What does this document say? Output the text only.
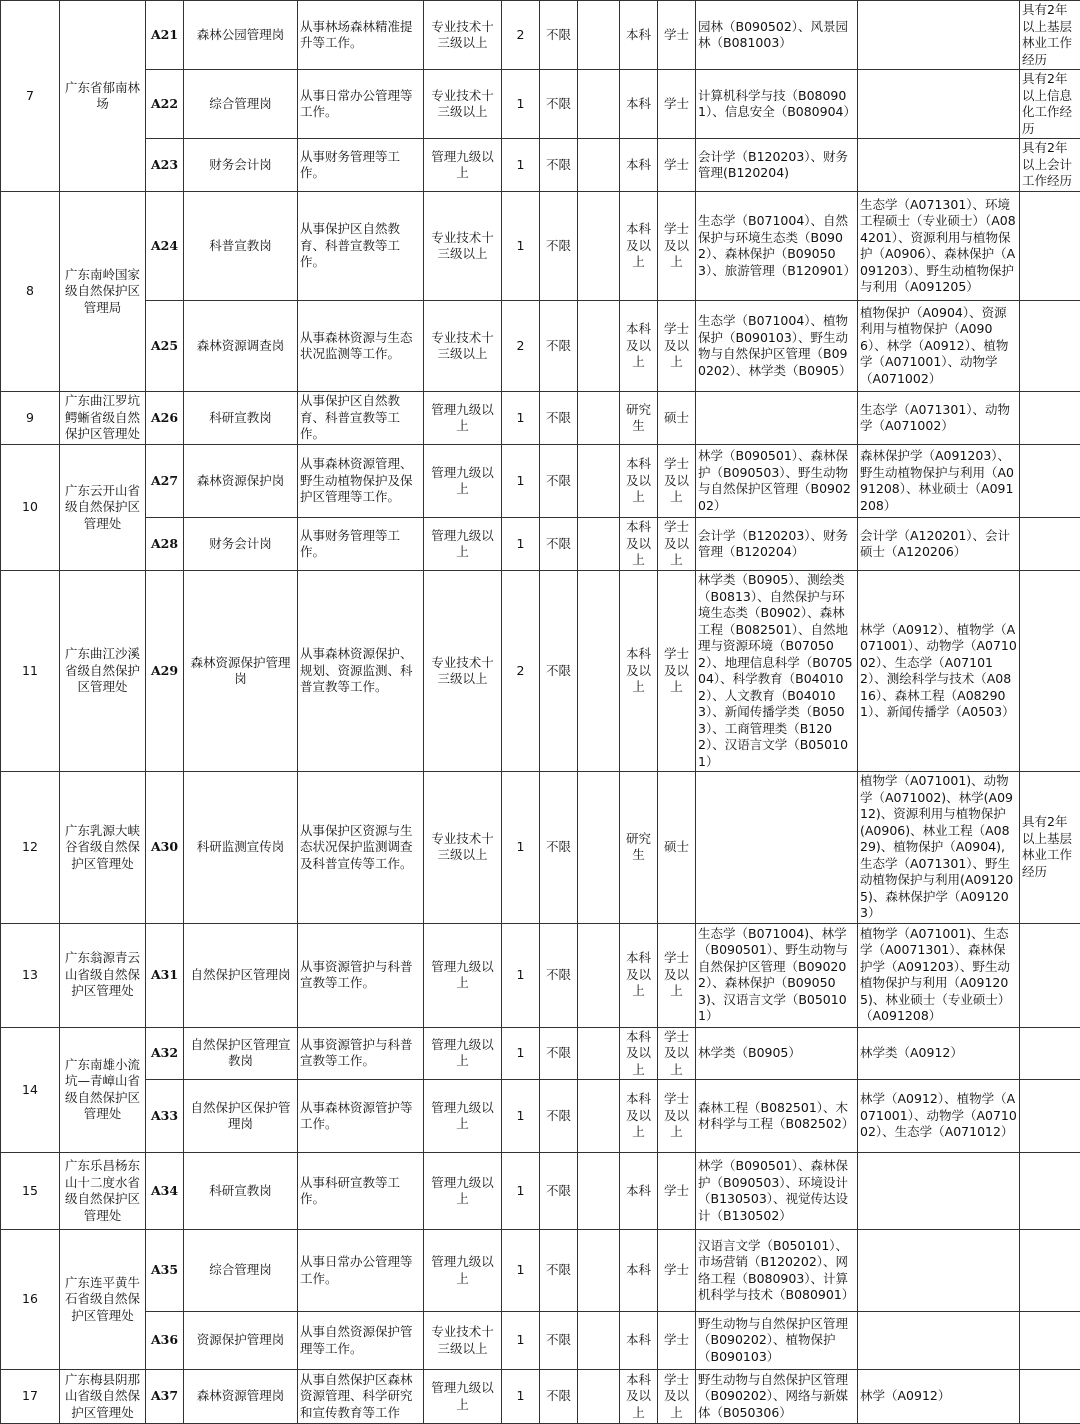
7	广东省郁南林场	A21	森林公园管理岗	从事林场森林精准提升等工作。	专业技术十三级以上	2	不限		本科	学士	园林（B090502）、风景园林（B081003）		具有2年以上基层林业工作经历
		A22	综合管理岗	从事日常办公管理等工作。	专业技术十三级以上	1	不限		本科	学士	计算机科学与技（B080901）、信息安全（B080904）		具有2年以上信息化工作经历
		A23	财务会计岗	从事财务管理等工作。	管理九级以上	1	不限		本科	学士	会计学（B120203）、财务管理(B120204)		具有2年以上会计工作经历
8	广东南岭国家级自然保护区管理局	A24	科普宣教岗	从事保护区自然教育、科普宣教等工作。	专业技术十三级以上	1	不限		本科及以上	学士及以上	生态学（B071004）、自然保护与环境生态类（B0902）、森林保护（B090503）、旅游管理（B120901）	生态学（A071301）、环境工程硕士（专业硕士）（A084201）、资源利用与植物保护（A0906）、森林保护（A091203）、野生动植物保护与利用（A091205）	
		A25	森林资源调查岗	从事森林资源与生态状况监测等工作。	专业技术十三级以上	2	不限		本科及以上	学士及以上	生态学（B071004）、植物保护（B090103）、野生动物与自然保护区管理（B090202）、林学类（B0905）	植物保护（A0904）、资源利用与植物保护（A0906）、林学（A0912）、植物学（A071001）、动物学（A071002）	
9	广东曲江罗坑鳄蜥省级自然保护区管理处	A26	科研宣教岗	从事保护区自然教育、科普宣教等工作。	管理九级以上	1	不限		研究生	硕士		生态学（A071301）、动物学（A071002）	
10	广东云开山省级自然保护区管理处	A27	森林资源保护岗	从事森林资源管理、野生动植物保护及保护区管理等工作。	管理九级以上	1	不限		本科及以上	学士及以上	林学（B090501）、森林保护（B090503）、野生动物与自然保护区管理（B090202）	森林保护学（A091203）、野生动植物保护与利用（A091208）、林业硕士（A091208）	
		A28	财务会计岗	从事财务管理等工作。	管理九级以上	1	不限		本科及以上	学士及以上	会计学（B120203）、财务管理（B120204）	会计学（A120201）、会计硕士（A120206）	
11	广东曲江沙溪省级自然保护区管理处	A29	森林资源保护管理岗	从事森林资源保护、规划、资源监测、科普宣教等工作。	专业技术十三级以上	2	不限		本科及以上	学士及以上	林学类（B0905）、测绘类（B0813）、自然保护与环境生态类（B0902）、森林工程（B082501）、自然地理与资源环境（B070502）、地理信息科学（B070504）、科学教育（B040102）、人文教育（B040103）、新闻传播学类（B0503）、工商管理类（B1202）、汉语言文学（B050101）	林学（A0912）、植物学（A071001）、动物学（A071002）、生态学（A071012）、测绘科学与技术（A0816）、森林工程（A082901）、新闻传播学（A0503）	
12	广东乳源大峡谷省级自然保护区管理处	A30	科研监测宣传岗	从事保护区资源与生态状况保护监测调查及科普宣传等工作。	专业技术十三级以上	1	不限		研究生	硕士		植物学（A071001)、动物学（A071002)、林学(A0912)、资源利用与植物保护(A0906)、林业工程（A0829)、植物保护（A0904),生态学（A071301）、野生动植物保护与利用(A091205)、森林保护学（A091203）	具有2年以上基层林业工作经历
13	广东翁源青云山省级自然保护区管理处	A31	自然保护区管理岗	从事资源管护与科普宣教等工作。	管理九级以上	1	不限		本科及以上	学士及以上	生态学（B071004)、林学（B090501）、野生动物与自然保护区管理（B090202）、森林保护（B090503)、汉语言文学（B050101）	植物学（A071001)、生态学（A0071301）、森林保护学（A091203）、野生动植物保护与利用（A091205)、林业硕士（专业硕士）（A091208）	
14	广东南雄小流坑—青嶂山省级自然保护区管理处	A32	自然保护区管理宣教岗	从事资源管护与科普宣教等工作。	管理九级以上	1	不限		本科及以上	学士及以上	林学类（B0905）	林学类（A0912）	
		A33	自然保护区保护管理岗	从事森林资源管护等工作。	管理九级以上	1	不限		本科及以上	学士及以上	森林工程（B082501）、木材科学与工程（B082502）	林学（A0912）、植物学（A071001）、动物学（A071002）、生态学（A071012）	
15	广东乐昌杨东山十二度水省级自然保护区管理处	A34	科研宣教岗	从事科研宣教等工作。	管理九级以上	1	不限		本科	学士	林学（B090501）、森林保护（B090503）、环境设计（B130503）、视觉传达设计（B130502）		
16	广东连平黄牛石省级自然保护区管理处	A35	综合管理岗	从事日常办公管理等工作。	管理九级以上	1	不限		本科	学士	汉语言文学（B050101）、市场营销（B120202）、网络工程（B080903）、计算机科学与技术（B080901）		
		A36	资源保护管理岗	从事自然资源保护管理等工作。	专业技术十三级以上	1	不限		本科	学士	野生动物与自然保护区管理（B090202）、植物保护（B090103）		
17	广东梅县阴那山省级自然保护区管理处	A37	森林资源管理岗	从事自然保护区森林资源管理、科学研究和宣传教育等工作	管理九级以上	1	不限		本科及以上	学士及以上	野生动物与自然保护区管理（B090202）、网络与新媒体（B050306）	林学（A0912）	
